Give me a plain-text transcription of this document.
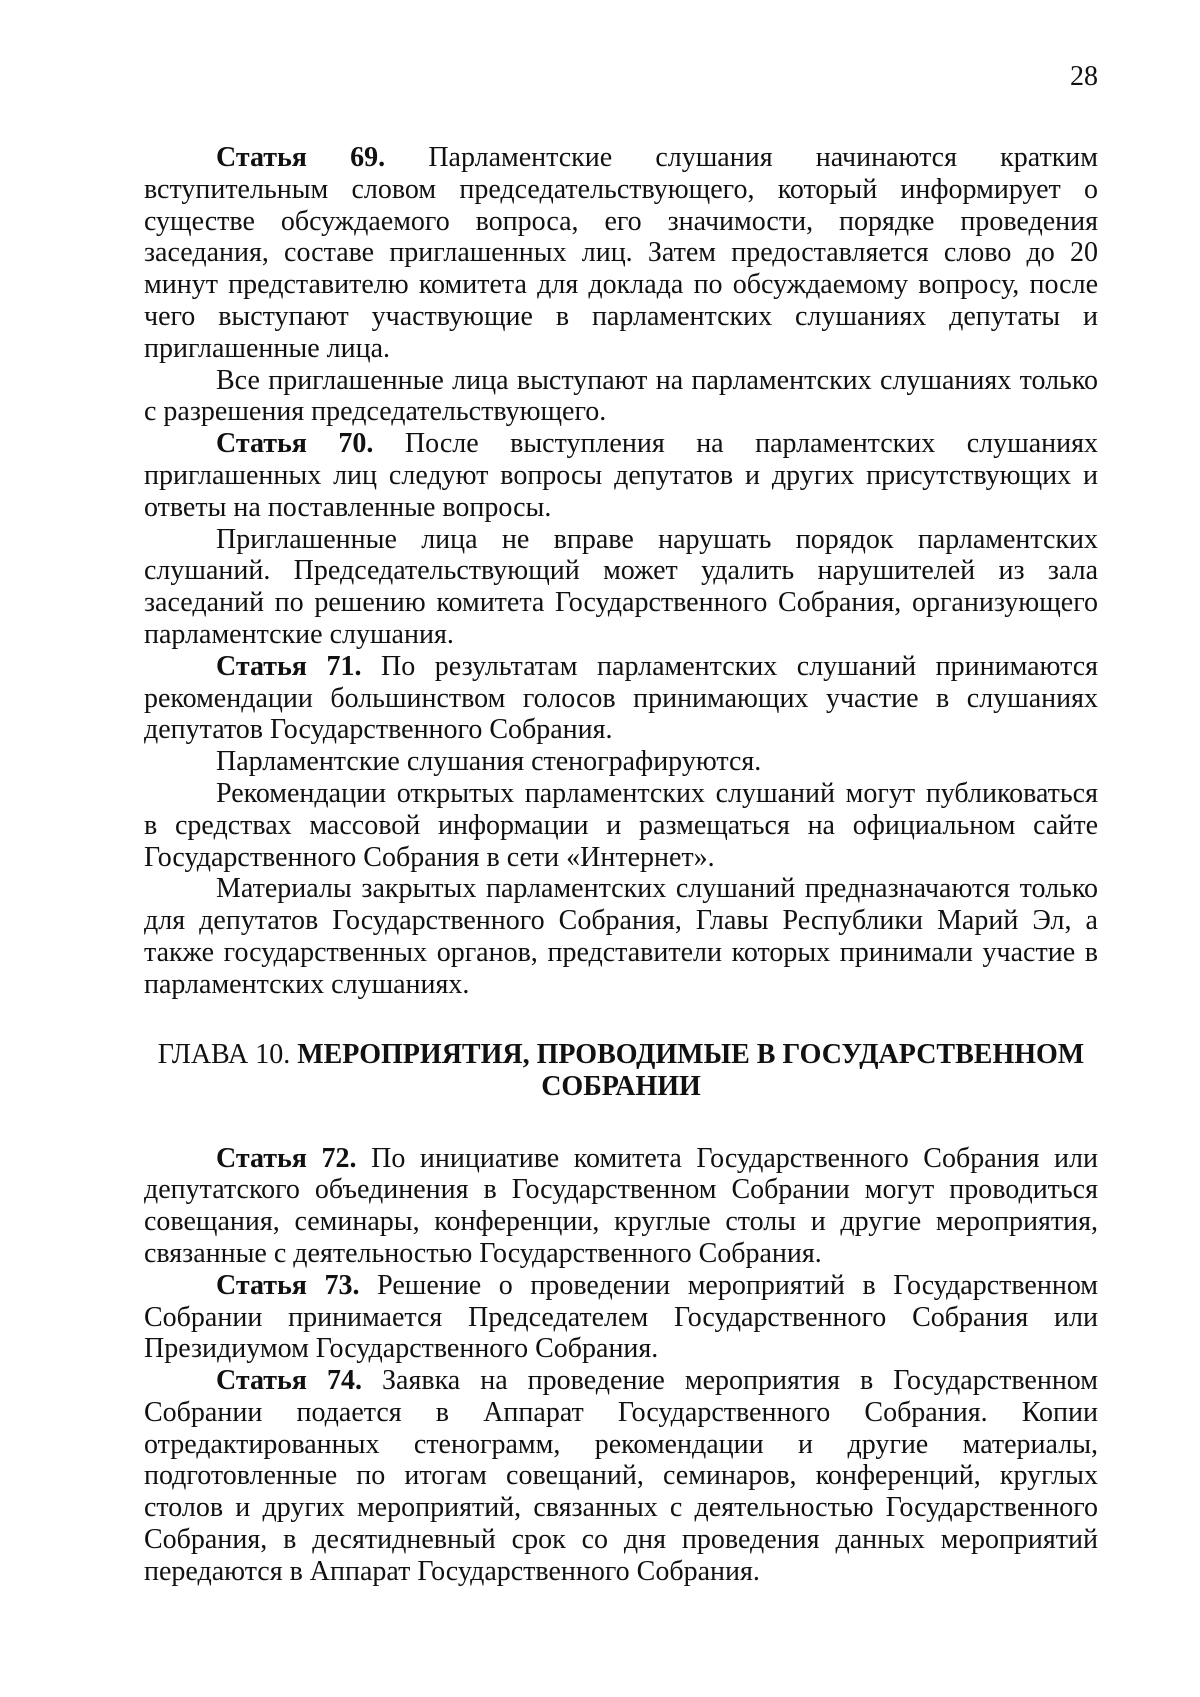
28

Статья 69. Парламентские слушания начинаются кратким вступительным словом председательствующего, который информирует о существе обсуждаемого вопроса, его значимости, порядке проведения заседания, составе приглашенных лиц. Затем предоставляется слово до 20 минут представителю комитета для доклада по обсуждаемому вопросу, после чего выступают участвующие в парламентских слушаниях депутаты и приглашенные лица.

Все приглашенные лица выступают на парламентских слушаниях только с разрешения председательствующего.

Статья 70. После выступления на парламентских слушаниях приглашенных лиц следуют вопросы депутатов и других присутствующих и ответы на поставленные вопросы.

Приглашенные лица не вправе нарушать порядок парламентских слушаний. Председательствующий может удалить нарушителей из зала заседаний по решению комитета Государственного Собрания, организующего парламентские слушания.

Статья 71. По результатам парламентских слушаний принимаются рекомендации большинством голосов принимающих участие в слушаниях депутатов Государственного Собрания.

Парламентские слушания стенографируются.

Рекомендации открытых парламентских слушаний могут публиковаться в средствах массовой информации и размещаться на официальном сайте Государственного Собрания в сети «Интернет».

Материалы закрытых парламентских слушаний предназначаются только для депутатов Государственного Собрания, Главы Республики Марий Эл, а также государственных органов, представители которых принимали участие в парламентских слушаниях.

ГЛАВА 10. МЕРОПРИЯТИЯ, ПРОВОДИМЫЕ В ГОСУДАРСТВЕННОМ СОБРАНИИ

Статья 72. По инициативе комитета Государственного Собрания или депутатского объединения в Государственном Собрании могут проводиться совещания, семинары, конференции, круглые столы и другие мероприятия, связанные с деятельностью Государственного Собрания.

Статья 73. Решение о проведении мероприятий в Государственном Собрании принимается Председателем Государственного Собрания или Президиумом Государственного Собрания.

Статья 74. Заявка на проведение мероприятия в Государственном Собрании подается в Аппарат Государственного Собрания. Копии отредактированных стенограмм, рекомендации и другие материалы, подготовленные по итогам совещаний, семинаров, конференций, круглых столов и других мероприятий, связанных с деятельностью Государственного Собрания, в десятидневный срок со дня проведения данных мероприятий передаются в Аппарат Государственного Собрания.
